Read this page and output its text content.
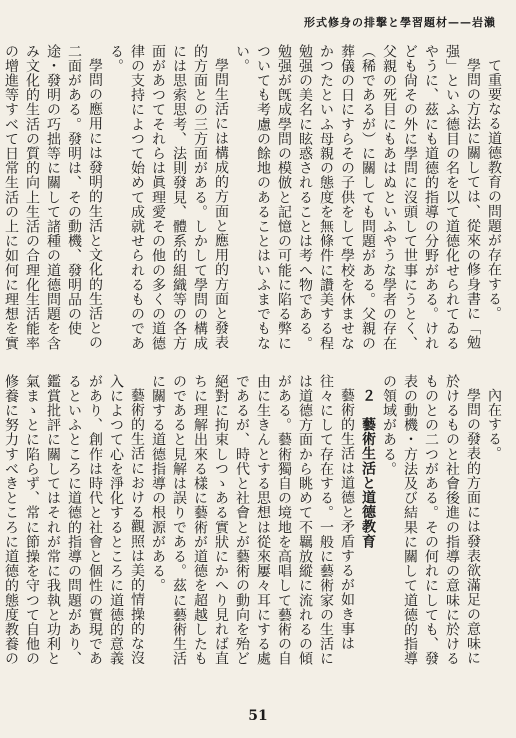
形式修身の排撃と學習題材——岩瀨

て重要なる道德教育の問題が存在する。

學問の方法に關しては、從來の修身書に「勉强」といふ德目の名を以て道德化せられてゐるやうに、茲にも道德的指導の分野がある。けれども尙その外に學問に沒頭して世事にうとく、父親の死目にもあはぬといふやうな學者の存在（稀であるが）に關しても問題がある。父親の葬儀の日にすらその子供をして學校を休ませなかつたといふ母親の態度を無條件に讚美する程勉强の美名に眩惑されることは考へ物である。勉强が旣成學問の模倣と記憶の可能に陷る弊についても考慮の餘地のあることはいふまでもない。

學問生活には構成的方面と應用的方面と發表的方面との三方面がある。しかして學問の構成には思索思考、法則發見、體系的組織等の各方面があつてそれらは眞理愛その他の多くの道德律の支持によつて始めて成就せられるものである。

學問の應用には發明的生活と文化的生活との二面がある。發明は、その動機、發明品の使途・發明の巧拙等に關して諸種の道德問題を含み文化的生活の質的向上生活の合理化生活能率の增進等すべて日常生活の上に如何に理想を實

內在する。

學問の發表的方面には發表欲滿足の意味に於けるものと社會後進の指導の意味に於けるものとの二つがある。その何れにしても、發表の動機・方法及び結果に關して道德的指導の領域がある。

２　藝術生活と道德教育

藝術的生活は道德と矛盾するが如き事は往々にして存在する。一般に藝術家の生活には道德方面から眺めて不羈放縱に流れるの傾がある。藝術獨自の境地を高唱して藝術の自由に生きんとする思想は從來屢々耳にする處であるが、時代と社會とが藝術の動向を殆ど絕對に拘束しつゝある實狀にかへり見れば直ちに理解出來る樣に藝術が道德を超越したものであると見解は誤りである。茲に藝術生活に關する道德指導の根源がある。

藝術的生活における觀照は美的情操的な沒入によつて心を淨化するところに道德的意義があり、創作は時代と社會と個性の實現であるといふところに道德的指導の問題があり、鑑賞批評に關してはそれが常に我執と功利と氣まゝとに陷らず、常に節操を守つて自他の修養に努力すべきところに道德的態度教養の

51
